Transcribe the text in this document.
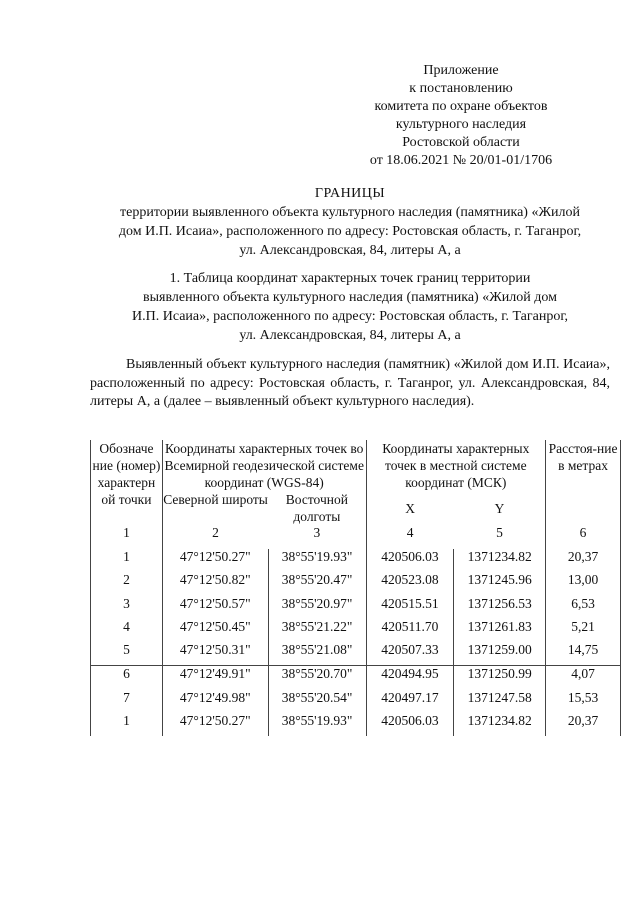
Приложение
к постановлению
комитета по охране объектов
культурного наследия
Ростовской области
от 18.06.2021 № 20/01-01/1706
ГРАНИЦЫ
территории выявленного объекта культурного наследия (памятника) «Жилой
дом И.П. Исаиа», расположенного по адресу: Ростовская область, г. Таганрог,
ул. Александровская, 84, литеры А, а
1. Таблица координат характерных точек границ территории
выявленного объекта культурного наследия (памятника) «Жилой дом
И.П. Исаиа», расположенного по адресу: Ростовская область, г. Таганрог,
ул. Александровская, 84, литеры А, а

Выявленный объект культурного наследия (памятник) «Жилой дом И.П. Исаиа», расположенный по адресу: Ростовская область, г. Таганрог, ул. Александровская, 84, литеры А, а (далее – выявленный объект культурного наследия).

Обозначе ние (номер) характерн ой точки	Координаты характерных точек во Всемирной геодезической системе координат (WGS-84)		Координаты характерных точек в местной системе координат (МСК)		Расстоя-ние в метрах
	Северной широты	Восточной долготы	X	Y	
1	2	3	4	5	6
1	47°12'50.27"	38°55'19.93"	420506.03	1371234.82	20,37
2	47°12'50.82"	38°55'20.47"	420523.08	1371245.96	13,00
3	47°12'50.57"	38°55'20.97"	420515.51	1371256.53	6,53
4	47°12'50.45"	38°55'21.22"	420511.70	1371261.83	5,21
5	47°12'50.31"	38°55'21.08"	420507.33	1371259.00	14,75
6	47°12'49.91"	38°55'20.70"	420494.95	1371250.99	4,07
7	47°12'49.98"	38°55'20.54"	420497.17	1371247.58	15,53
1	47°12'50.27"	38°55'19.93"	420506.03	1371234.82	20,37
